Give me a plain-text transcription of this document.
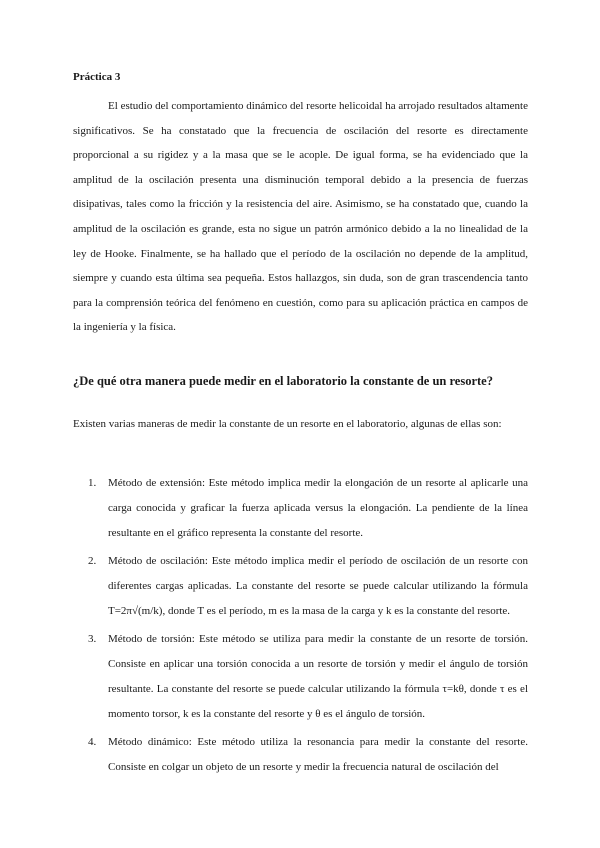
Práctica 3

El estudio del comportamiento dinámico del resorte helicoidal ha arrojado resultados altamente significativos. Se ha constatado que la frecuencia de oscilación del resorte es directamente proporcional a su rigidez y a la masa que se le acople. De igual forma, se ha evidenciado que la amplitud de la oscilación presenta una disminución temporal debido a la presencia de fuerzas disipativas, tales como la fricción y la resistencia del aire. Asimismo, se ha constatado que, cuando la amplitud de la oscilación es grande, esta no sigue un patrón armónico debido a la no linealidad de la ley de Hooke. Finalmente, se ha hallado que el período de la oscilación no depende de la amplitud, siempre y cuando esta última sea pequeña. Estos hallazgos, sin duda, son de gran trascendencia tanto para la comprensión teórica del fenómeno en cuestión, como para su aplicación práctica en campos de la ingeniería y la física.

¿De qué otra manera puede medir en el laboratorio la constante de un resorte?

Existen varias maneras de medir la constante de un resorte en el laboratorio, algunas de ellas son:

1. Método de extensión: Este método implica medir la elongación de un resorte al aplicarle una carga conocida y graficar la fuerza aplicada versus la elongación. La pendiente de la línea resultante en el gráfico representa la constante del resorte.
2. Método de oscilación: Este método implica medir el período de oscilación de un resorte con diferentes cargas aplicadas. La constante del resorte se puede calcular utilizando la fórmula T=2π√(m/k), donde T es el período, m es la masa de la carga y k es la constante del resorte.
3. Método de torsión: Este método se utiliza para medir la constante de un resorte de torsión. Consiste en aplicar una torsión conocida a un resorte de torsión y medir el ángulo de torsión resultante. La constante del resorte se puede calcular utilizando la fórmula τ=kθ, donde τ es el momento torsor, k es la constante del resorte y θ es el ángulo de torsión.
4. Método dinámico: Este método utiliza la resonancia para medir la constante del resorte. Consiste en colgar un objeto de un resorte y medir la frecuencia natural de oscilación del
